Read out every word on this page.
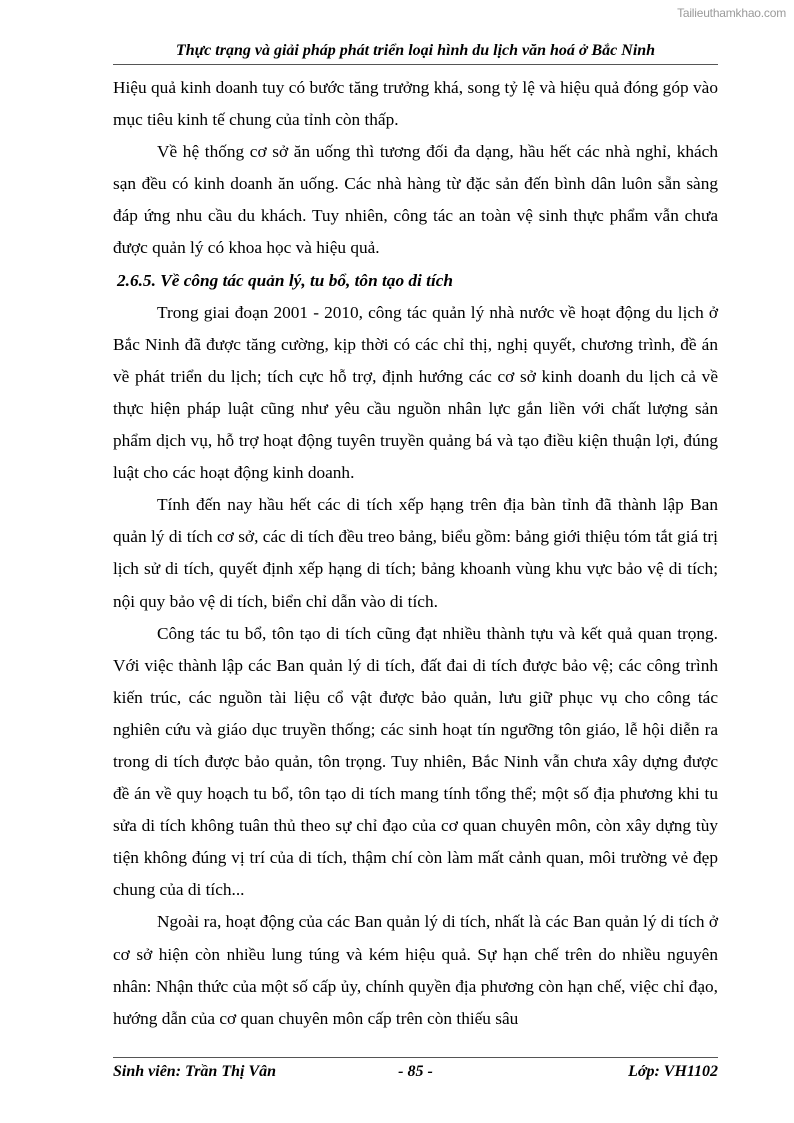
Tailieuthamkhao.com
Thực trạng và giải pháp phát triển loại hình du lịch văn hoá ở Bắc Ninh

Hiệu quả kinh doanh tuy có bước tăng trưởng khá, song tỷ lệ và hiệu quả đóng góp vào mục tiêu kinh tế chung của tỉnh còn thấp.

Về hệ thống cơ sở ăn uống thì tương đối đa dạng, hầu hết các nhà nghỉ, khách sạn đều có kinh doanh ăn uống. Các nhà hàng từ đặc sản đến bình dân luôn sẵn sàng đáp ứng nhu cầu du khách. Tuy nhiên, công tác an toàn vệ sinh thực phẩm vẫn chưa được quản lý có khoa học và hiệu quả.

2.6.5. Về công tác quản lý, tu bổ, tôn tạo di tích

Trong giai đoạn 2001 - 2010, công tác quản lý nhà nước về hoạt động du lịch ở Bắc Ninh đã được tăng cường, kịp thời có các chỉ thị, nghị quyết, chương trình, đề án về phát triển du lịch; tích cực hỗ trợ, định hướng các cơ sở kinh doanh du lịch cả về thực hiện pháp luật cũng như yêu cầu nguồn nhân lực gắn liền với chất lượng sản phẩm dịch vụ, hỗ trợ hoạt động tuyên truyền quảng bá và tạo điều kiện thuận lợi, đúng luật cho các hoạt động kinh doanh.

Tính đến nay hầu hết các di tích xếp hạng trên địa bàn tỉnh đã thành lập Ban quản lý di tích cơ sở, các di tích đều treo bảng, biểu gồm: bảng giới thiệu tóm tắt giá trị lịch sử di tích, quyết định xếp hạng di tích; bảng khoanh vùng khu vực bảo vệ di tích; nội quy bảo vệ di tích, biển chỉ dẫn vào di tích.

Công tác tu bổ, tôn tạo di tích cũng đạt nhiều thành tựu và kết quả quan trọng. Với việc thành lập các Ban quản lý di tích, đất đai di tích được bảo vệ; các công trình kiến trúc, các nguồn tài liệu cổ vật được bảo quản, lưu giữ phục vụ cho công tác nghiên cứu và giáo dục truyền thống; các sinh hoạt tín ngưỡng tôn giáo, lễ hội diễn ra trong di tích được bảo quản, tôn trọng. Tuy nhiên, Bắc Ninh vẫn chưa xây dựng được đề án về quy hoạch tu bổ, tôn tạo di tích mang tính tổng thể; một số địa phương khi tu sửa di tích không tuân thủ theo sự chỉ đạo của cơ quan chuyên môn, còn xây dựng tùy tiện không đúng vị trí của di tích, thậm chí còn làm mất cảnh quan, môi trường vẻ đẹp chung của di tích...

Ngoài ra, hoạt động của các Ban quản lý di tích, nhất là các Ban quản lý di tích ở cơ sở hiện còn nhiều lung túng và kém hiệu quả. Sự hạn chế trên do nhiều nguyên nhân: Nhận thức của một số cấp ủy, chính quyền địa phương còn hạn chế, việc chỉ đạo, hướng dẫn của cơ quan chuyên môn cấp trên còn thiếu sâu

- 85 -
Sinh viên: Trần Thị Vân	Lớp: VH1102
